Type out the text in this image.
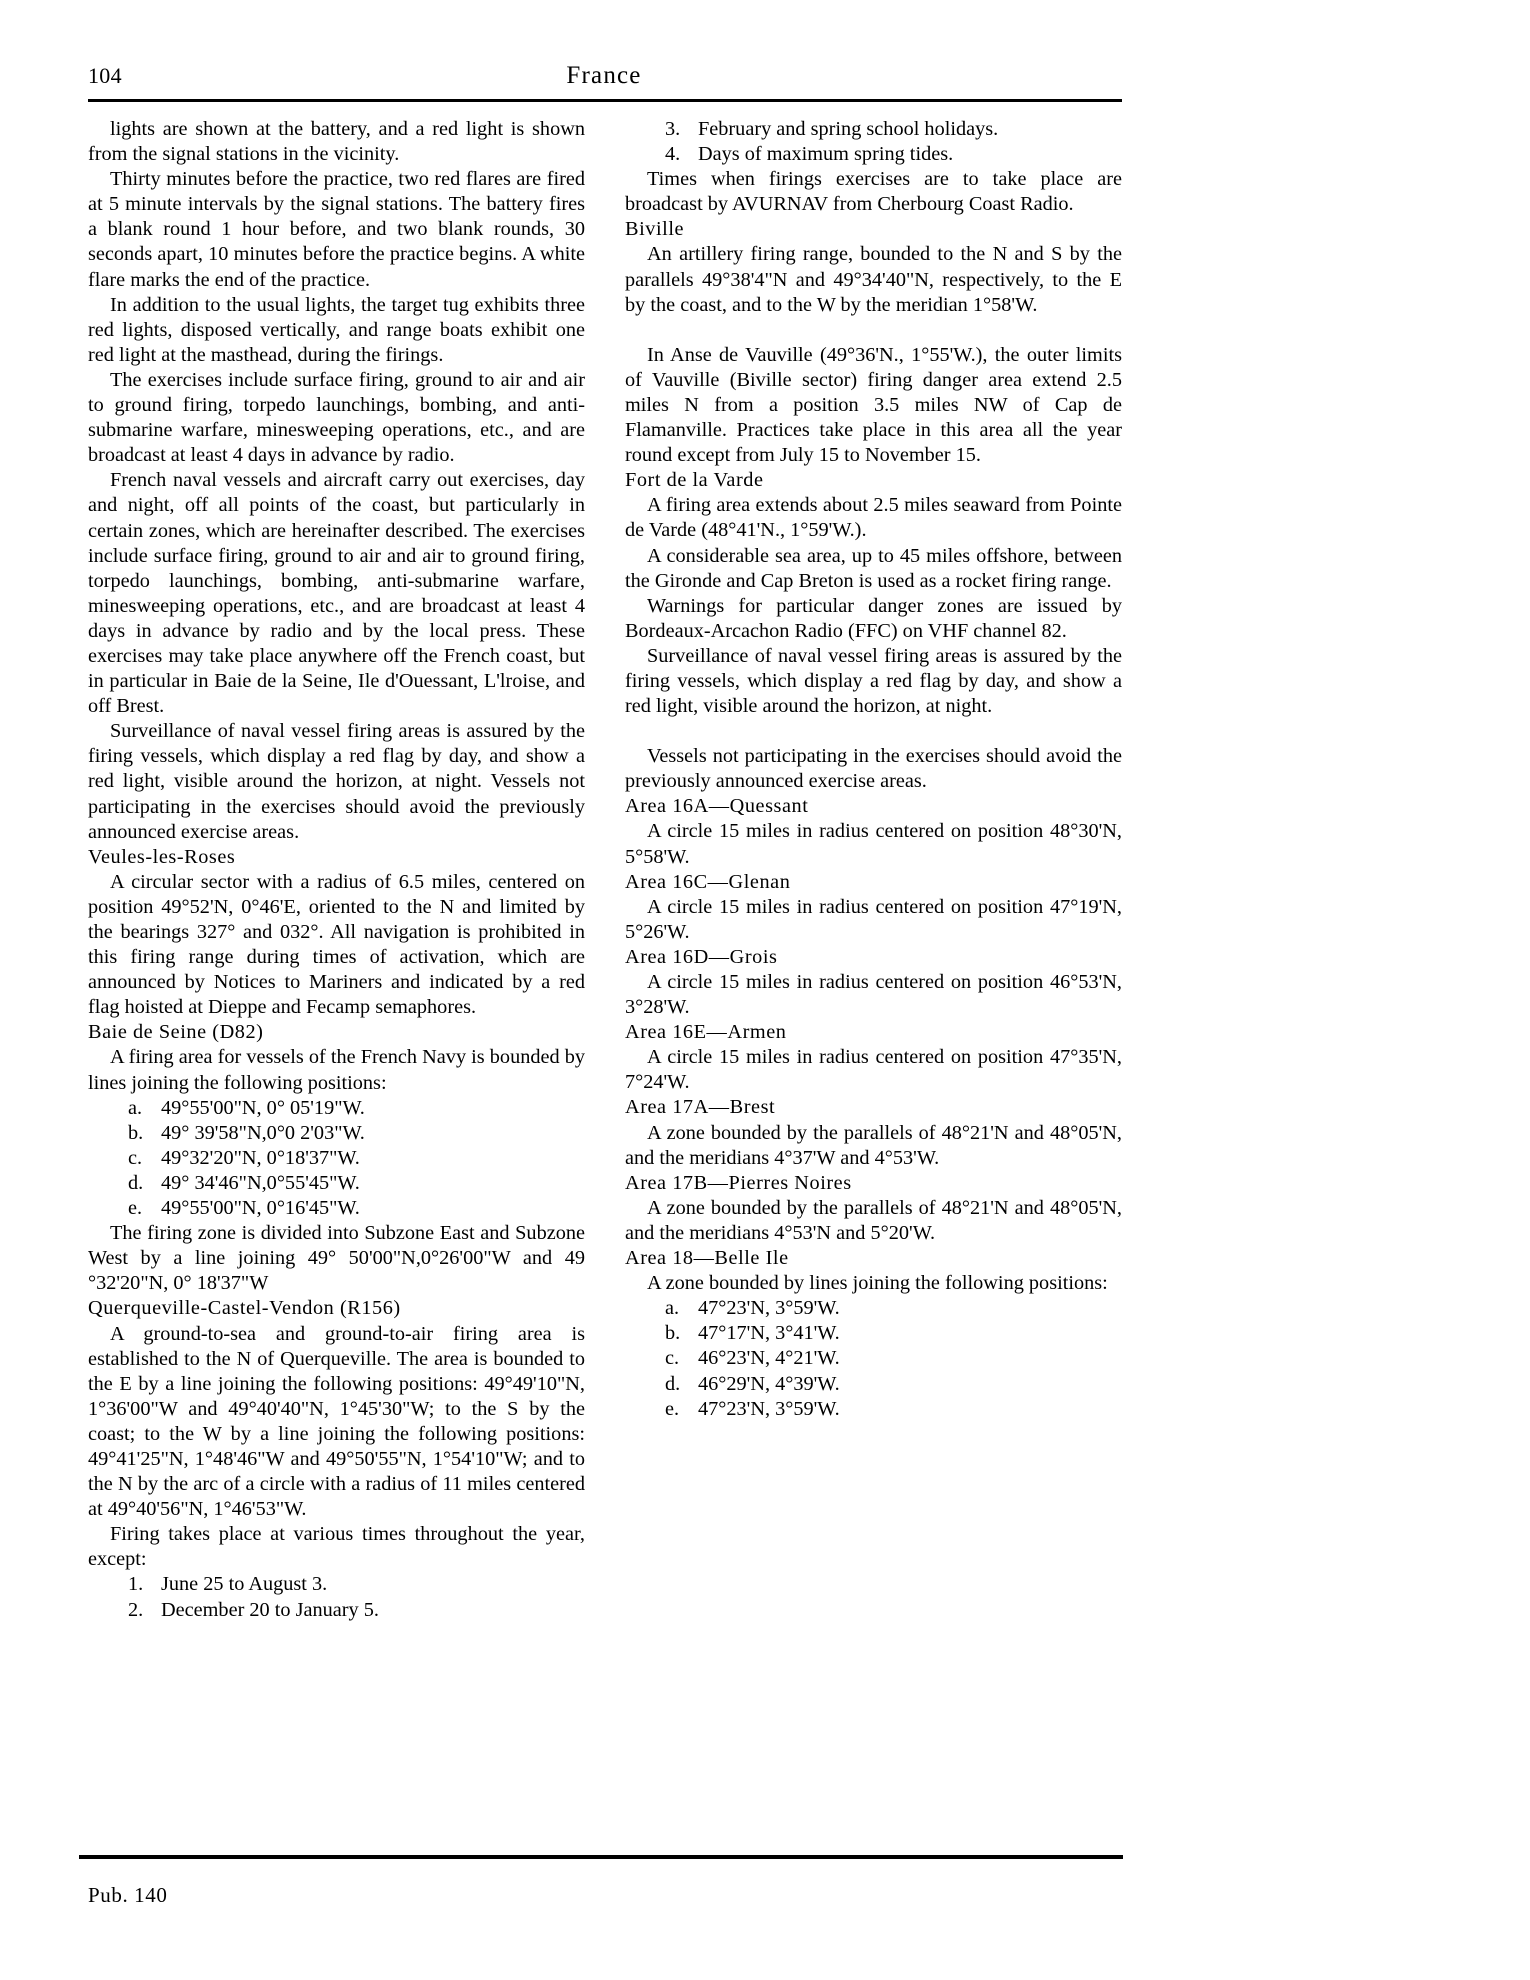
104	France

lights are shown at the battery, and a red light is shown from the signal stations in the vicinity.

Thirty minutes before the practice, two red flares are fired at 5 minute intervals by the signal stations. The battery fires a blank round 1 hour before, and two blank rounds, 30 seconds apart, 10 minutes before the practice begins. A white flare marks the end of the practice.

In addition to the usual lights, the target tug exhibits three red lights, disposed vertically, and range boats exhibit one red light at the masthead, during the firings.

The exercises include surface firing, ground to air and air to ground firing, torpedo launchings, bombing, and anti-submarine warfare, minesweeping operations, etc., and are broadcast at least 4 days in advance by radio.

French naval vessels and aircraft carry out exercises, day and night, off all points of the coast, but particularly in certain zones, which are hereinafter described. The exercises include surface firing, ground to air and air to ground firing, torpedo launchings, bombing, anti-submarine warfare, minesweeping operations, etc., and are broadcast at least 4 days in advance by radio and by the local press. These exercises may take place anywhere off the French coast, but in particular in Baie de la Seine, Ile d'Ouessant, L'lroise, and off Brest.

Surveillance of naval vessel firing areas is assured by the firing vessels, which display a red flag by day, and show a red light, visible around the horizon, at night. Vessels not participating in the exercises should avoid the previously announced exercise areas.

Veules-les-Roses

A circular sector with a radius of 6.5 miles, centered on position 49°52'N, 0°46'E, oriented to the N and limited by the bearings 327° and 032°. All navigation is prohibited in this firing range during times of activation, which are announced by Notices to Mariners and indicated by a red flag hoisted at Dieppe and Fecamp semaphores.

Baie de Seine (D82)

A firing area for vessels of the French Navy is bounded by lines joining the following positions:

a. 49°55'00"N, 0° 05'19"W.
b. 49° 39'58"N,0°0 2'03"W.
c. 49°32'20"N, 0°18'37"W.
d. 49° 34'46"N,0°55'45"W.
e. 49°55'00"N, 0°16'45"W.

The firing zone is divided into Subzone East and Subzone West by a line joining 49° 50'00"N,0°26'00"W and 49 °32'20"N, 0° 18'37"W

Querqueville-Castel-Vendon (R156)

A ground-to-sea and ground-to-air firing area is established to the N of Querqueville. The area is bounded to the E by a line joining the following positions: 49°49'10"N, 1°36'00"W and 49°40'40"N, 1°45'30"W; to the S by the coast; to the W by a line joining the following positions: 49°41'25"N, 1°48'46"W and 49°50'55"N, 1°54'10"W; and to the N by the arc of a circle with a radius of 11 miles centered at 49°40'56"N, 1°46'53"W.

Firing takes place at various times throughout the year, except:

1. June 25 to August 3.
2. December 20 to January 5.
3. February and spring school holidays.
4. Days of maximum spring tides.

Times when firings exercises are to take place are broadcast by AVURNAV from Cherbourg Coast Radio.

Biville

An artillery firing range, bounded to the N and S by the parallels 49°38'4"N and 49°34'40"N, respectively, to the E by the coast, and to the W by the meridian 1°58'W.

In Anse de Vauville (49°36'N., 1°55'W.), the outer limits of Vauville (Biville sector) firing danger area extend 2.5 miles N from a position 3.5 miles NW of Cap de Flamanville. Practices take place in this area all the year round except from July 15 to November 15.

Fort de la Varde

A firing area extends about 2.5 miles seaward from Pointe de Varde (48°41'N., 1°59'W.).

A considerable sea area, up to 45 miles offshore, between the Gironde and Cap Breton is used as a rocket firing range.

Warnings for particular danger zones are issued by Bordeaux-Arcachon Radio (FFC) on VHF channel 82.

Surveillance of naval vessel firing areas is assured by the firing vessels, which display a red flag by day, and show a red light, visible around the horizon, at night.

Vessels not participating in the exercises should avoid the previously announced exercise areas.

Area 16A—Quessant

A circle 15 miles in radius centered on position 48°30'N, 5°58'W.

Area 16C—Glenan

A circle 15 miles in radius centered on position 47°19'N, 5°26'W.

Area 16D—Grois

A circle 15 miles in radius centered on position 46°53'N, 3°28'W.

Area 16E—Armen

A circle 15 miles in radius centered on position 47°35'N, 7°24'W.

Area 17A—Brest

A zone bounded by the parallels of 48°21'N and 48°05'N, and the meridians 4°37'W and 4°53'W.

Area 17B—Pierres Noires

A zone bounded by the parallels of 48°21'N and 48°05'N, and the meridians 4°53'N and 5°20'W.

Area 18—Belle Ile

A zone bounded by lines joining the following positions:

a. 47°23'N, 3°59'W.
b. 47°17'N, 3°41'W.
c. 46°23'N, 4°21'W.
d. 46°29'N, 4°39'W.
e. 47°23'N, 3°59'W.
Pub. 140
